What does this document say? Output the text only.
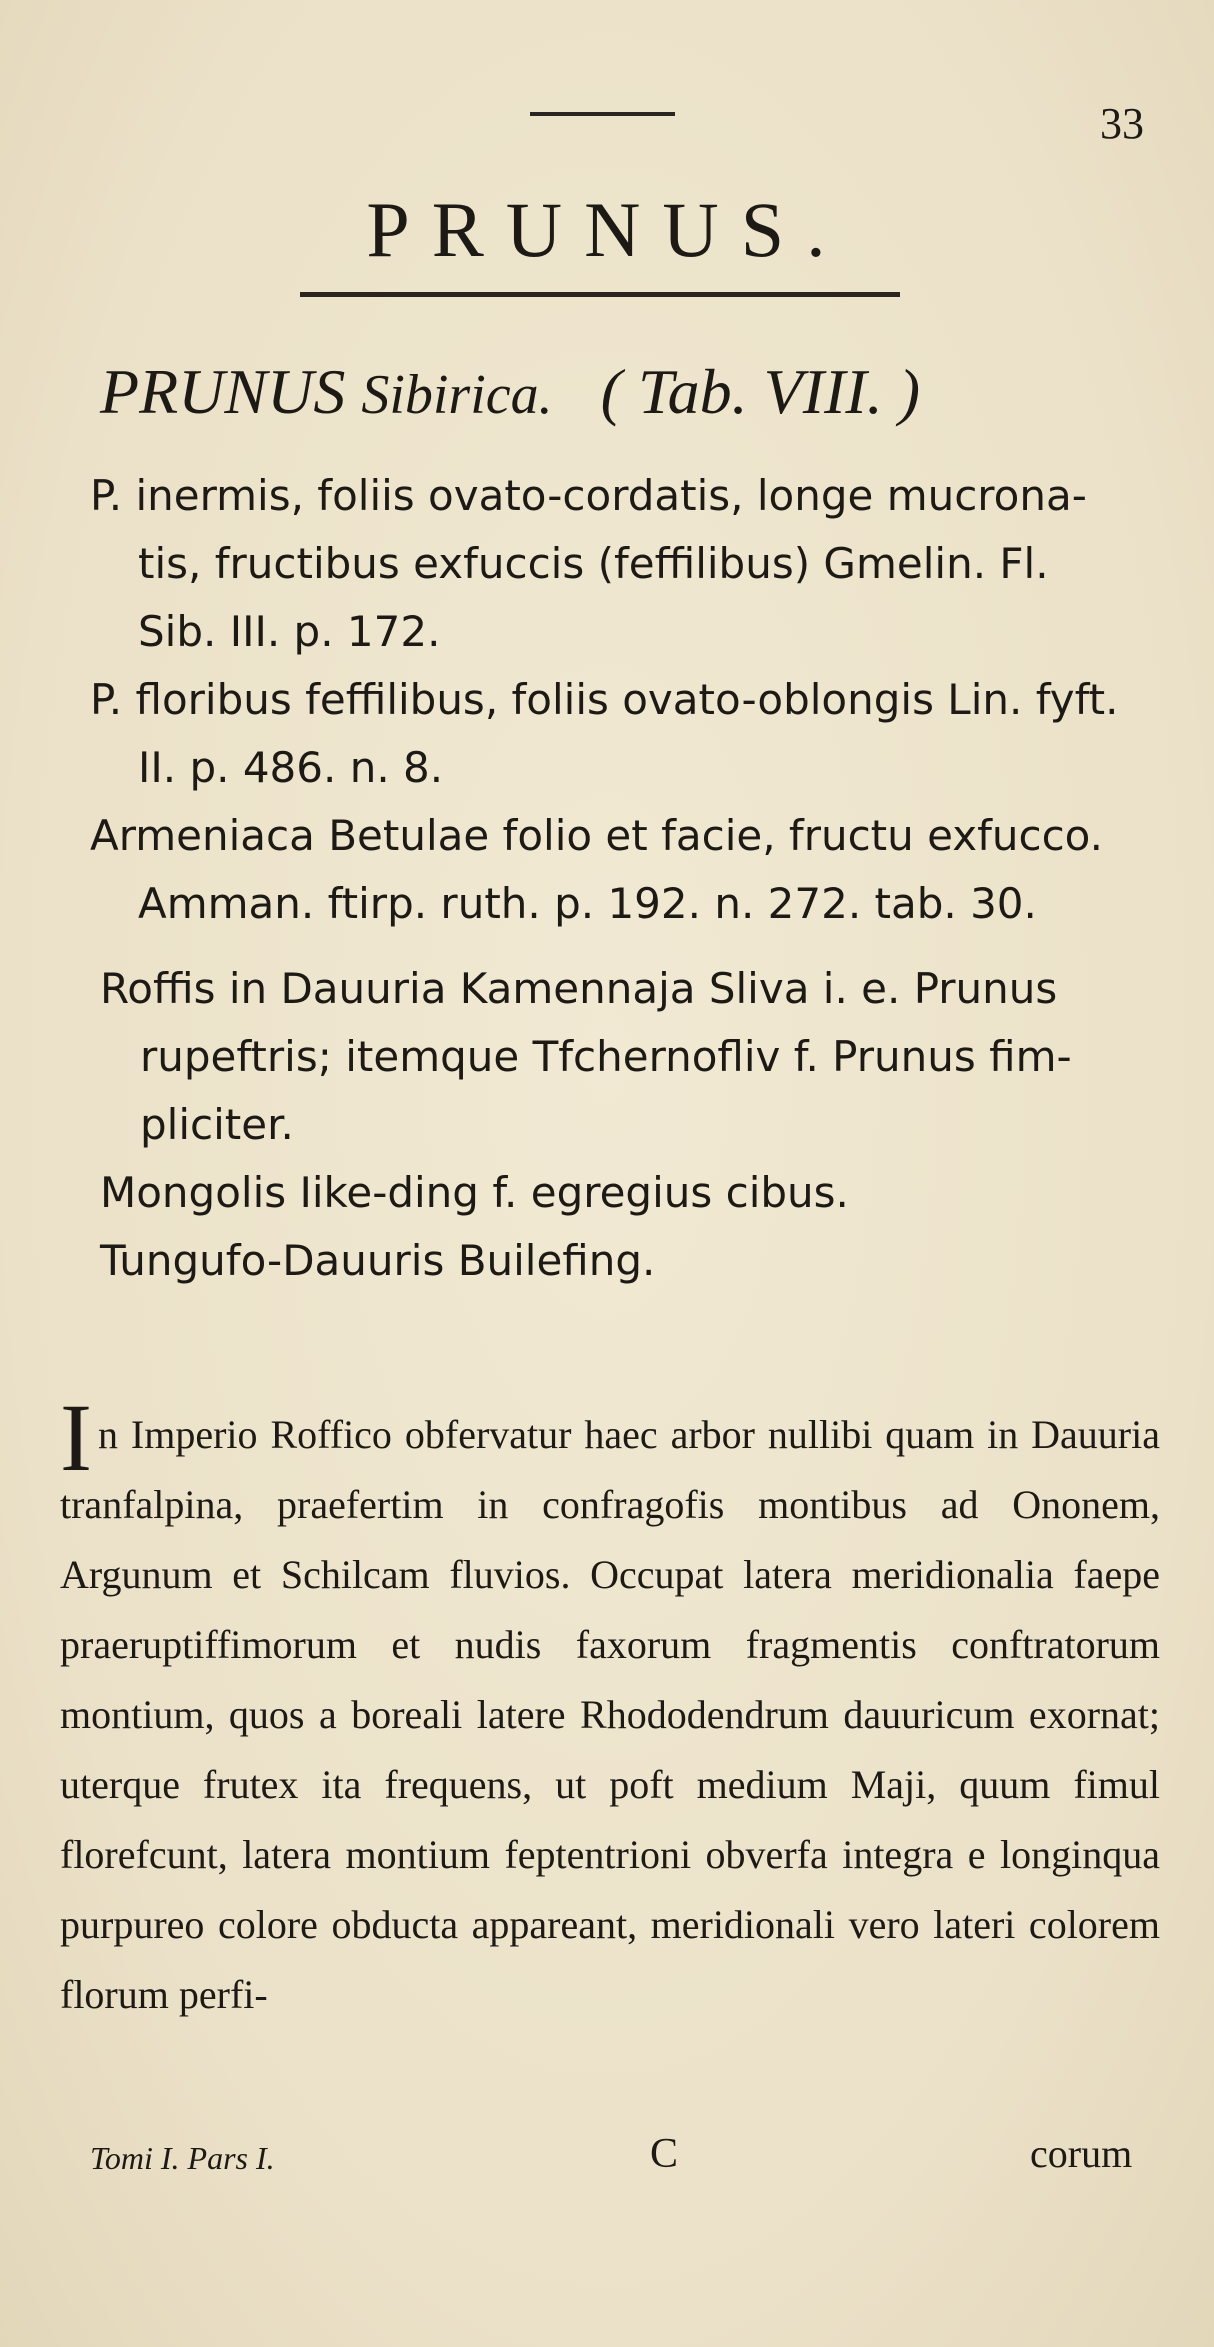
33
PRUNUS.
PRUNUS Sibirica. ( Tab. VIII. )
P. inermis, foliis ovato-cordatis, longe mucrona-
tis, fructibus exfuccis (feffilibus) Gmelin. Fl.
Sib. III. p. 172.
P. floribus feffilibus, foliis ovato-oblongis Lin. fyft.
II. p. 486. n. 8.
Armeniaca Betulae folio et facie, fructu exfucco.
Amman. ftirp. ruth. p. 192. n. 272. tab. 30.
Roffis in Dauuria Kamennaja Sliva i. e. Prunus
rupeftris; itemque Tfchernofliv f. Prunus fim-
pliciter.
Mongolis Iike-ding f. egregius cibus.
Tungufo-Dauuris Builefing.
I n Imperio Roffico obfervatur haec arbor nullibi quam in Dauuria tranfalpina, praefertim in confragofis montibus ad Ononem, Argunum et Schilcam fluvios. Occupat latera meridionalia faepe praeruptiffimorum et nudis faxorum fragmentis conftratorum montium, quos a boreali latere Rhododendrum dauuricum exornat; uterque frutex ita frequens, ut poft medium Maji, quum fimul florefcunt, latera montium feptentrioni obverfa integra e longinqua purpureo colore obducta appareant, meridionali vero lateri colorem florum perfi-
Tomi I. Pars I.	C	corum
